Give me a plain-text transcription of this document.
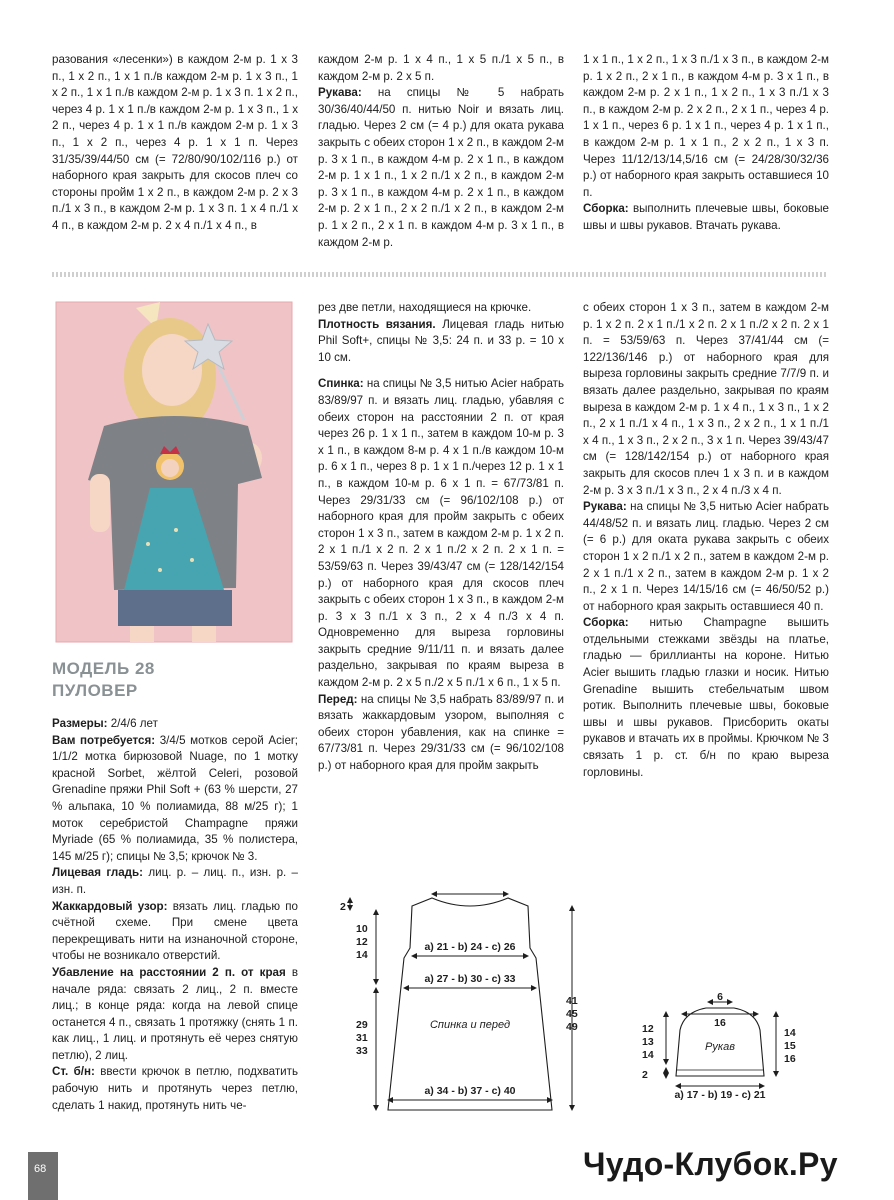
разования «лесенки») в каждом 2-м р. 1 х 3 п., 1 х 2 п., 1 х 1 п./в каждом 2-м р. 1 х 3 п., 1 х 2 п., 1 х 1 п./в каждом 2-м р. 1 х 3 п. 1 х 2 п., через 4 р. 1 х 1 п./в каждом 2-м р. 1 х 3 п., 1 х 2 п., через 4 р. 1 х 1 п./в каждом 2-м р. 1 х 3 п., 1 х 2 п., через 4 р. 1 х 1 п. Через 31/35/39/44/50 см (= 72/80/90/102/116 р.) от наборного края закрыть для скосов плеч со стороны пройм 1 х 2 п., в каждом 2-м р. 2 х 3 п./1 х 3 п., в каждом 2-м р. 1 х 3 п. 1 х 4 п./1 х 4 п., в каждом 2-м р. 2 х 4 п./1 х 4 п., в

каждом 2-м р. 1 х 4 п., 1 х 5 п./1 х 5 п., в каждом 2-м р. 2 х 5 п.

Рукава: на спицы № 5 набрать 30/36/40/44/50 п. нитью Noir и вязать лиц. гладью. Через 2 см (= 4 р.) для оката рукава закрыть с обеих сторон 1 х 2 п., в каждом 2-м р. 3 х 1 п., в каждом 4-м р. 2 х 1 п., в каждом 2-м р. 1 х 1 п., 1 х 2 п./1 х 2 п., в каждом 2-м р. 3 х 1 п., в каждом 4-м р. 2 х 1 п., в каждом 2-м р. 2 х 1 п., 2 х 2 п./1 х 2 п., в каждом 2-м р. 1 х 2 п., 2 х 1 п. в каждом 4-м р. 3 х 1 п., в каждом 2-м р.

1 х 1 п., 1 х 2 п., 1 х 3 п./1 х 3 п., в каждом 2-м р. 1 х 2 п., 2 х 1 п., в каждом 4-м р. 3 х 1 п., в каждом 2-м р. 2 х 1 п., 1 х 2 п., 1 х 3 п./1 х 3 п., в каждом 2-м р. 2 х 2 п., 2 х 1 п., через 4 р. 1 х 1 п., через 6 р. 1 х 1 п., через 4 р. 1 х 1 п., в каждом 2-м р. 1 х 1 п., 2 х 2 п., 1 х 3 п. Через 11/12/13/14,5/16 см (= 24/28/30/32/36 р.) от наборного края закрыть оставшиеся 10 п.

Сборка: выполнить плечевые швы, боковые швы и швы рукавов. Втачать рукава.

МОДЕЛЬ 28
ПУЛОВЕР

Размеры: 2/4/6 лет

Вам потребуется: 3/4/5 мотков серой Acier; 1/1/2 мотка бирюзовой Nuage, по 1 мотку красной Sorbet, жёлтой Celeri, розовой Grenadine пряжи Phil Soft + (63 % шерсти, 27 % альпака, 10 % полиамида, 88 м/25 г); 1 моток серебристой Champagne пряжи Myriade (65 % полиамида, 35 % полистера, 145 м/25 г); спицы № 3,5; крючок № 3.

Лицевая гладь: лиц. р. – лиц. п., изн. р. – изн. п.

Жаккардовый узор: вязать лиц. гладью по счётной схеме. При смене цвета перекрещивать нити на изнаночной стороне, чтобы не возникало отверстий.

Убавление на расстоянии 2 п. от края в начале ряда: связать 2 лиц., 2 п. вместе лиц.; в конце ряда: когда на левой спице останется 4 п., связать 1 протяжку (снять 1 п. как лиц., 1 лиц. и протянуть её через снятую петлю), 2 лиц.

Ст. б/н: ввести крючок в петлю, подхватить рабочую нить и протянуть через петлю, сделать 1 накид, протянуть нить че-

рез две петли, находящиеся на крючке.

Плотность вязания. Лицевая гладь нитью Phil Soft+, спицы № 3,5: 24 п. и 33 р. = 10 х 10 см.

Спинка: на спицы № 3,5 нитью Acier набрать 83/89/97 п. и вязать лиц. гладью, убавляя с обеих сторон на расстоянии 2 п. от края через 26 р. 1 х 1 п., затем в каждом 10-м р. 3 х 1 п., в каждом 8-м р. 4 х 1 п./в каждом 10-м р. 6 х 1 п., через 8 р. 1 х 1 п./через 12 р. 1 х 1 п., в каждом 10-м р. 6 х 1 п. = 67/73/81 п. Через 29/31/33 см (= 96/102/108 р.) от наборного края для пройм закрыть с обеих сторон 1 х 3 п., затем в каждом 2-м р. 1 х 2 п. 2 х 1 п./1 х 2 п. 2 х 1 п./2 х 2 п. 2 х 1 п. = 53/59/63 п. Через 39/43/47 см (= 128/142/154 р.) от наборного края для скосов плеч закрыть с обеих сторон 1 х 3 п., в каждом 2-м р. 3 х 3 п./1 х 3 п., 2 х 4 п./3 х 4 п. Одновременно для выреза горловины закрыть средние 9/11/11 п. и вязать далее раздельно, закрывая по краям выреза в каждом 2-м р. 2 х 5 п./2 х 5 п./1 х 6 п., 1 х 5 п.

Перед: на спицы № 3,5 набрать 83/89/97 п. и вязать жаккардовым узором, выполняя с обеих сторон убавления, как на спинке = 67/73/81 п. Через 29/31/33 см (= 96/102/108 р.) от наборного края для пройм закрыть

с обеих сторон 1 х 3 п., затем в каждом 2-м р. 1 х 2 п. 2 х 1 п./1 х 2 п. 2 х 1 п./2 х 2 п. 2 х 1 п. = 53/59/63 п. Через 37/41/44 см (= 122/136/146 р.) от наборного края для выреза горловины закрыть средние 7/7/9 п. и вязать далее раздельно, закрывая по краям выреза в каждом 2-м р. 1 х 4 п., 1 х 3 п., 1 х 2 п., 2 х 1 п./1 х 4 п., 1 х 3 п., 2 х 2 п., 1 х 1 п./1 х 4 п., 1 х 3 п., 2 х 2 п., 3 х 1 п. Через 39/43/47 см (= 128/142/154 р.) от наборного края закрыть для скосов плеч 1 х 3 п. и в каждом 2-м р. 3 х 3 п./1 х 3 п., 2 х 4 п./3 х 4 п.

Рукава: на спицы № 3,5 нитью Acier набрать 44/48/52 п. и вязать лиц. гладью. Через 2 см (= 6 р.) для оката рукава закрыть с обеих сторон 1 х 2 п./1 х 2 п., затем в каждом 2-м р. 2 х 1 п./1 х 2 п., затем в каждом 2-м р. 1 х 2 п., 2 х 1 п. Через 14/15/16 см (= 46/50/52 р.) от наборного края закрыть оставшиеся 40 п.

Сборка: нитью Champagne вышить отдельными стежками звёзды на платье, гладью — бриллианты на короне. Нитью Acier вышить гладью глазки и носик. Нитью Grenadine вышить стебельчатым швом ротик. Выполнить плечевые швы, боковые швы и швы рукавов. Присборить окаты рукавов и втачать их в проймы. Крючком № 3 связать 1 р. ст. б/н по краю выреза горловины.

a) 21 - b) 24 - c) 26
a) 27 - b) 30 - c) 33
a) 34 - b) 37 - c) 40
2
10
12
14
29
31
33
41
45
49
Спинка и перед
6
16
12
13
14
14
15
16
2
a) 17 - b) 19 - c) 21
Рукав
68	Чудо-Клубок.Ру
